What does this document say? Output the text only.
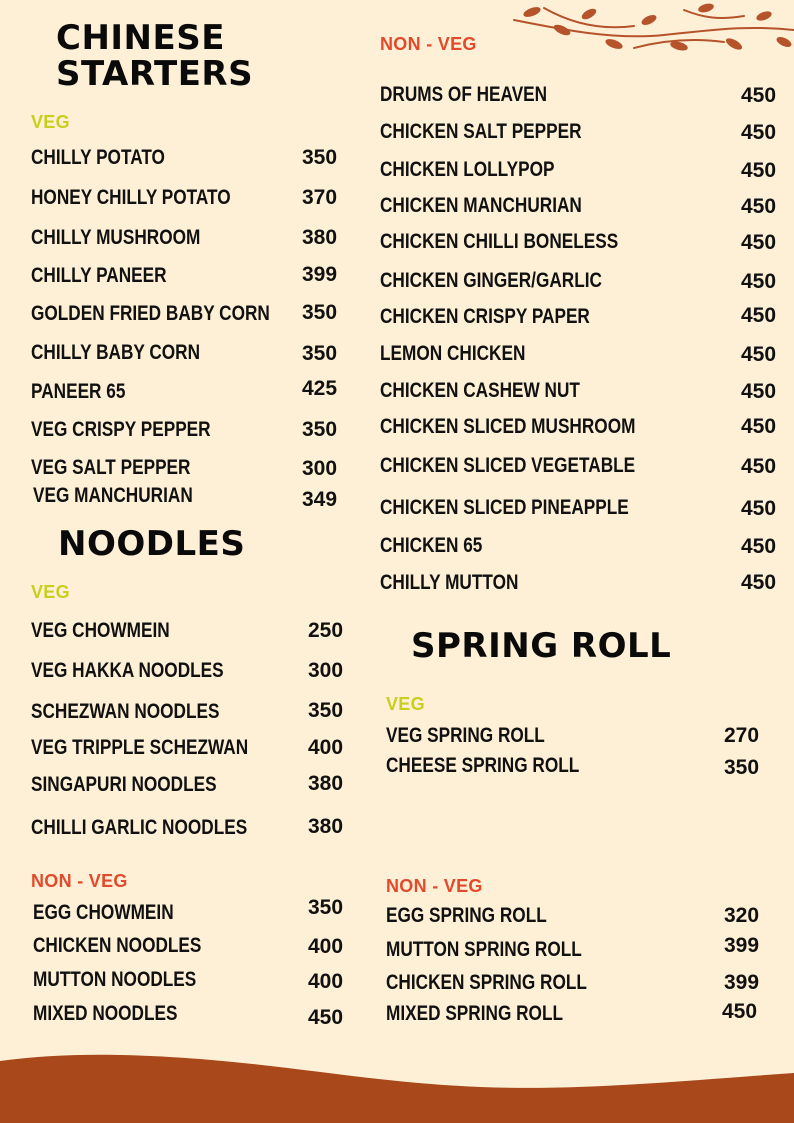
CHINESE
STARTERS
NOODLES
SPRING ROLL
VEG
NON - VEG
VEG
NON - VEG
VEG
NON - VEG
CHILLY POTATO	350
HONEY CHILLY POTATO	370
CHILLY MUSHROOM	380
CHILLY PANEER	399
GOLDEN FRIED BABY CORN 350
CHILLY BABY CORN	350
PANEER 65	425
VEG CRISPY PEPPER	350
VEG SALT PEPPER	300
VEG MANCHURIAN	349
DRUMS OF HEAVEN	450
CHICKEN SALT PEPPER	450
CHICKEN LOLLYPOP	450
CHICKEN MANCHURIAN	450
CHICKEN CHILLI BONELESS	450
CHICKEN GINGER/GARLIC	450
CHICKEN CRISPY PAPER	450
LEMON CHICKEN	450
CHICKEN CASHEW NUT	450
CHICKEN SLICED MUSHROOM	450
CHICKEN SLICED VEGETABLE	450
CHICKEN SLICED PINEAPPLE	450
CHICKEN 65	450
CHILLY MUTTON	450
VEG CHOWMEIN	250
VEG HAKKA NOODLES	300
SCHEZWAN NOODLES	350
VEG TRIPPLE SCHEZWAN	400
SINGAPURI NOODLES	380
CHILLI GARLIC NOODLES	380
EGG CHOWMEIN	350
CHICKEN NOODLES	400
MUTTON NOODLES	400
MIXED NOODLES	450
VEG SPRING ROLL	270
CHEESE SPRING ROLL	350
EGG SPRING ROLL	320
MUTTON SPRING ROLL	399
CHICKEN SPRING ROLL	399
MIXED SPRING ROLL	450
